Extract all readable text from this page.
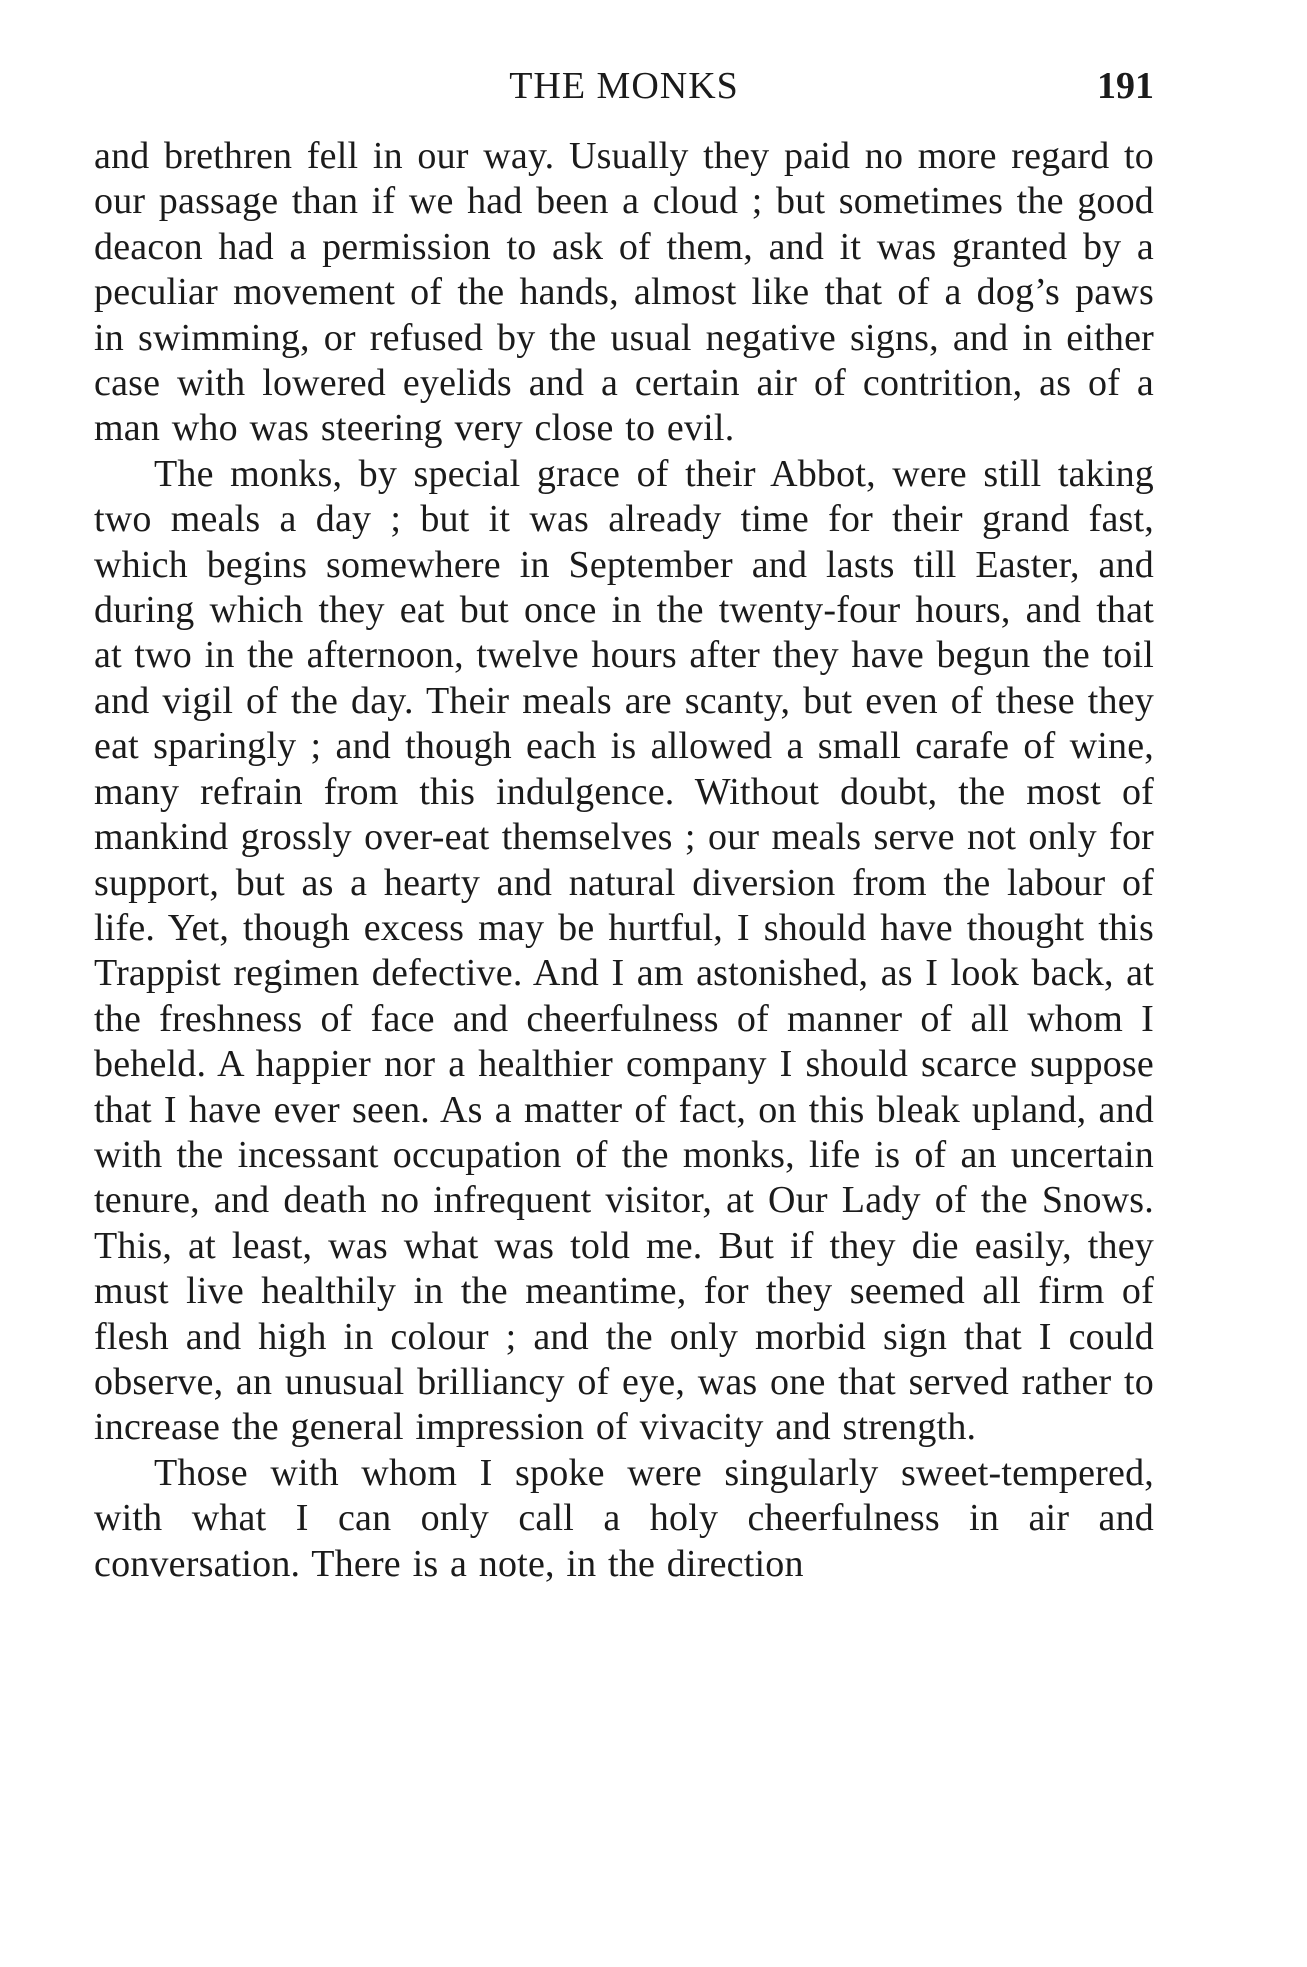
THE MONKS	191

and brethren fell in our way. Usually they paid no more regard to our passage than if we had been a cloud ; but sometimes the good deacon had a permission to ask of them, and it was granted by a peculiar movement of the hands, almost like that of a dog’s paws in swimming, or refused by the usual negative signs, and in either case with lowered eyelids and a certain air of contrition, as of a man who was steering very close to evil.

The monks, by special grace of their Abbot, were still taking two meals a day ; but it was already time for their grand fast, which begins somewhere in September and lasts till Easter, and during which they eat but once in the twenty-four hours, and that at two in the afternoon, twelve hours after they have begun the toil and vigil of the day. Their meals are scanty, but even of these they eat sparingly ; and though each is allowed a small carafe of wine, many refrain from this indulgence. Without doubt, the most of mankind grossly over-eat themselves ; our meals serve not only for support, but as a hearty and natural diversion from the labour of life. Yet, though excess may be hurtful, I should have thought this Trappist regimen defective. And I am astonished, as I look back, at the freshness of face and cheerfulness of manner of all whom I beheld. A happier nor a healthier company I should scarce suppose that I have ever seen. As a matter of fact, on this bleak upland, and with the incessant occupation of the monks, life is of an uncertain tenure, and death no infrequent visitor, at Our Lady of the Snows. This, at least, was what was told me. But if they die easily, they must live healthily in the meantime, for they seemed all firm of flesh and high in colour ; and the only morbid sign that I could observe, an unusual brilliancy of eye, was one that served rather to increase the general impression of vivacity and strength.

Those with whom I spoke were singularly sweet-tempered, with what I can only call a holy cheerfulness in air and conversation. There is a note, in the direction
